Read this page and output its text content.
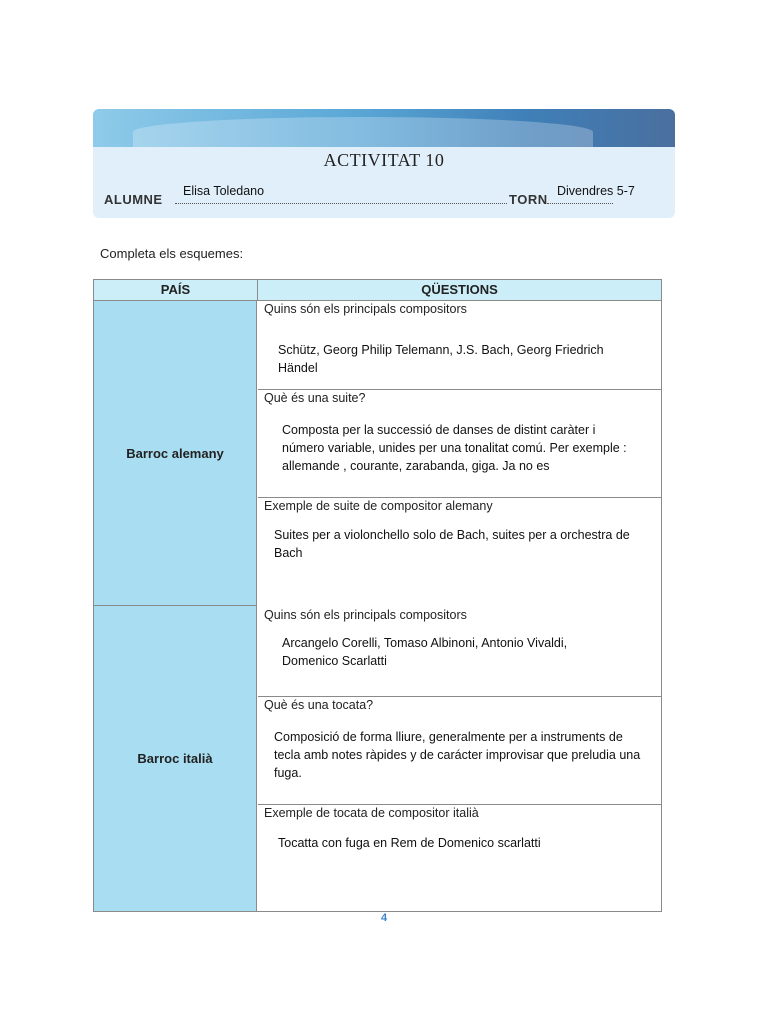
ACTIVITAT 10
ALUMNE
Elisa Toledano
TORN
Divendres 5-7
Completa els esquemes:
PAÍS	QÜESTIONS
Barroc alemany
Barroc italià
Quins són els principals compositors
Schütz, Georg Philip Telemann, J.S. Bach, Georg Friedrich Händel
Què és una suite?
Composta per la successió de danses de distint caràter i número variable, unides per una tonalitat comú. Per exemple : allemande , courante, zarabanda, giga. Ja no es
Exemple de suite de compositor alemany
Suites per a violonchello solo de Bach, suites per a orchestra de Bach
Quins són els principals compositors
Arcangelo Corelli, Tomaso Albinoni, Antonio Vivaldi, Domenico Scarlatti
Què és una tocata?
Composició de forma lliure, generalmente per a instruments de tecla amb notes ràpides y de carácter improvisar que preludia una fuga.
Exemple de tocata de compositor italià
Tocatta con fuga en Rem de Domenico scarlatti
4
